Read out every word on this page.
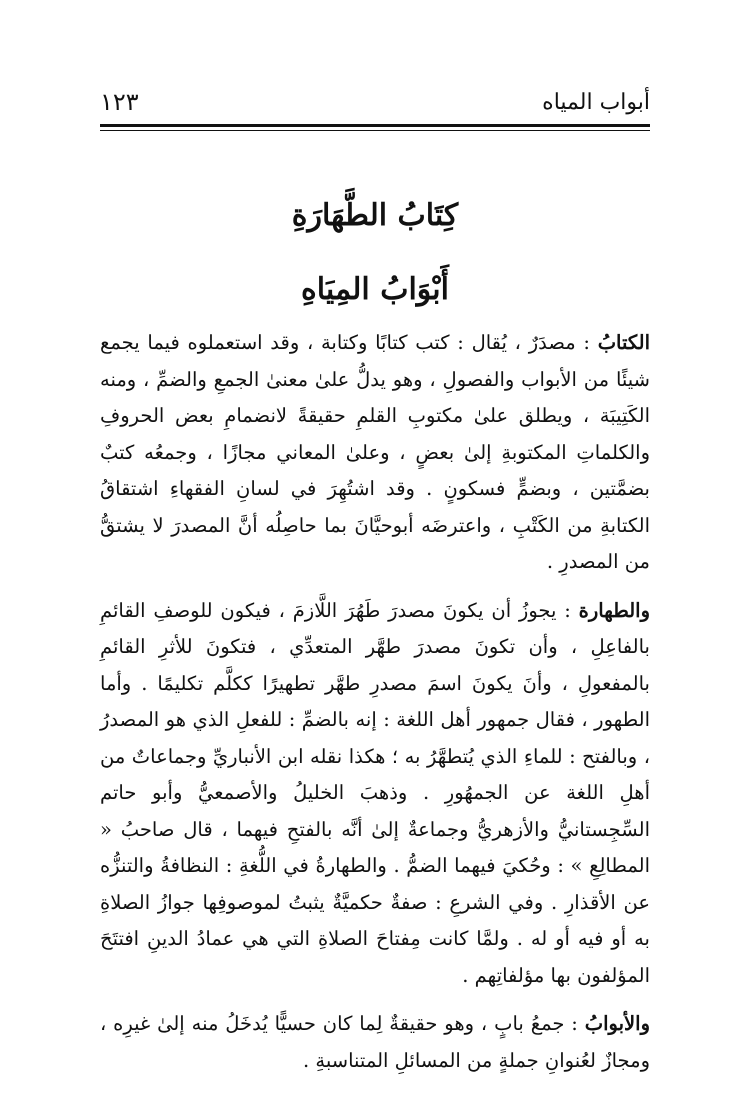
أبواب المياه
١٢٣
كِتَابُ الطَّهَارَةِ
أَبْوَابُ المِيَاهِ

الكتابُ : مصدَرٌ ، يُقال : كتب كتابًا وكتابة ، وقد استعملوه فيما يجمع شيئًا من الأبواب والفصولِ ، وهو يدلُّ علىٰ معنىٰ الجمعِ والضمِّ ، ومنه الكَتِيبَة ، ويطلق علىٰ مكتوبِ القلمِ حقيقةً لانضمامِ بعض الحروفِ والكلماتِ المكتوبةِ إلىٰ بعضٍ ، وعلىٰ المعاني مجازًا ، وجمعُه كتبٌ بضمَّتين ، وبضمٍّ فسكونٍ . وقد اشتُهِرَ في لسانِ الفقهاءِ اشتقاقُ الكتابةِ من الكَتْبِ ، واعترضَه أبوحيَّانَ بما حاصِلُه أنَّ المصدرَ لا يشتقُّ من المصدرِ .

والطهارة : يجوزُ أن يكونَ مصدرَ طَهُرَ اللَّازمَ ، فيكون للوصفِ القائمِ بالفاعِلِ ، وأن تكونَ مصدرَ طهَّر المتعدِّي ، فتكونَ للأثرِ القائمِ بالمفعولِ ، وأنَ يكونَ اسمَ مصدرِ طهَّر تطهيرًا ككلَّم تكليمًا . وأما الطهور ، فقال جمهور أهل اللغة : إنه بالضمِّ : للفعلِ الذي هو المصدرُ ، وبالفتح : للماءِ الذي يُتطهَّرُ به ؛ هكذا نقله ابن الأنباريِّ وجماعاتٌ من أهلِ اللغة عن الجمهُورِ . وذهبَ الخليلُ والأصمعيُّ وأبو حاتم السِّجِستانيُّ والأزهريُّ وجماعةٌ إلىٰ أنَّه بالفتحِ فيهما ، قال صاحبُ « المطالِعِ » : وحُكيَ فيهما الضمُّ . والطهارةُ في اللُّغةِ : النظافةُ والتنزُّه عن الأقذارِ . وفي الشرعِ : صفةٌ حكميَّةٌ يثبتُ لموصوفِها جوازُ الصلاةِ به أو فيه أو له . ولمَّا كانت مِفتاحَ الصلاةِ التي هي عمادُ الدينِ افتتَحَ المؤلفون بها مؤلفاتِهم .

والأبوابُ : جمعُ بابٍ ، وهو حقيقةٌ لِما كان حسيًّا يُدخَلُ منه إلىٰ غيرِه ، ومجازٌ لعُنوانِ جملةٍ من المسائلِ المتناسبةِ .
